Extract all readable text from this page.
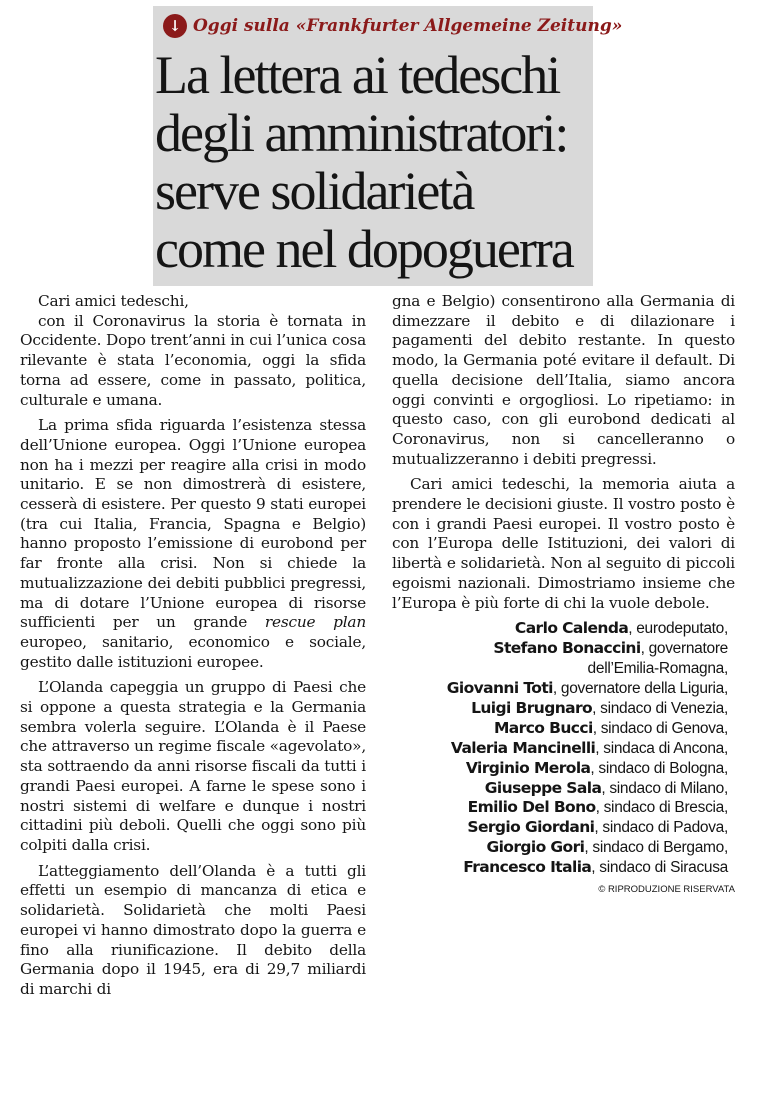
↓ Oggi sulla «Frankfurter Allgemeine Zeitung»
La lettera ai tedeschi
degli amministratori:
serve solidarietà
come nel dopoguerra

Cari amici tedeschi,

con il Coronavirus la storia è tornata in Occidente. Dopo trent’anni in cui l’unica cosa rilevante è stata l’economia, oggi la sfida torna ad essere, come in passato, politica, culturale e umana.

La prima sfida riguarda l’esistenza stessa dell’Unione europea. Oggi l’Unione europea non ha i mezzi per reagire alla crisi in modo unitario. E se non dimostrerà di esistere, cesserà di esistere. Per questo 9 stati europei (tra cui Italia, Francia, Spagna e Belgio) hanno proposto l’emissione di eurobond per far fronte alla crisi. Non si chiede la mutualizzazione dei debiti pubblici pregressi, ma di dotare l’Unione europea di risorse sufficienti per un grande rescue plan europeo, sanitario, economico e sociale, gestito dalle istituzioni europee.

L’Olanda capeggia un gruppo di Paesi che si oppone a questa strategia e la Germania sembra volerla seguire. L’Olanda è il Paese che attraverso un regime fiscale «agevolato», sta sottraendo da anni risorse fiscali da tutti i grandi Paesi europei. A farne le spese sono i nostri sistemi di welfare e dunque i nostri cittadini più deboli. Quelli che oggi sono più colpiti dalla crisi.

L’atteggiamento dell’Olanda è a tutti gli effetti un esempio di mancanza di etica e solidarietà. Solidarietà che molti Paesi europei vi hanno dimostrato dopo la guerra e fino alla riunificazione. Il debito della Germania dopo il 1945, era di 29,7 miliardi di marchi di

gna e Belgio) consentirono alla Germania di dimezzare il debito e di dilazionare i pagamenti del debito restante. In questo modo, la Germania poté evitare il default. Di quella decisione dell’Italia, siamo ancora oggi convinti e orgogliosi. Lo ripetiamo: in questo caso, con gli eurobond dedicati al Coronavirus, non si cancelleranno o mutualizzeranno i debiti pregressi.

Cari amici tedeschi, la memoria aiuta a prendere le decisioni giuste. Il vostro posto è con i grandi Paesi europei. Il vostro posto è con l’Europa delle Istituzioni, dei valori di libertà e solidarietà. Non al seguito di piccoli egoismi nazionali. Dimostriamo insieme che l’Europa è più forte di chi la vuole debole.

Carlo Calenda, eurodeputato,
Stefano Bonaccini, governatore
dell’Emilia-Romagna,
Giovanni Toti, governatore della Liguria,
Luigi Brugnaro, sindaco di Venezia,
Marco Bucci, sindaco di Genova,
Valeria Mancinelli, sindaca di Ancona,
Virginio Merola, sindaco di Bologna,
Giuseppe Sala, sindaco di Milano,
Emilio Del Bono, sindaco di Brescia,
Sergio Giordani, sindaco di Padova,
Giorgio Gori, sindaco di Bergamo,
Francesco Italia, sindaco di Siracusa
© RIPRODUZIONE RISERVATA
